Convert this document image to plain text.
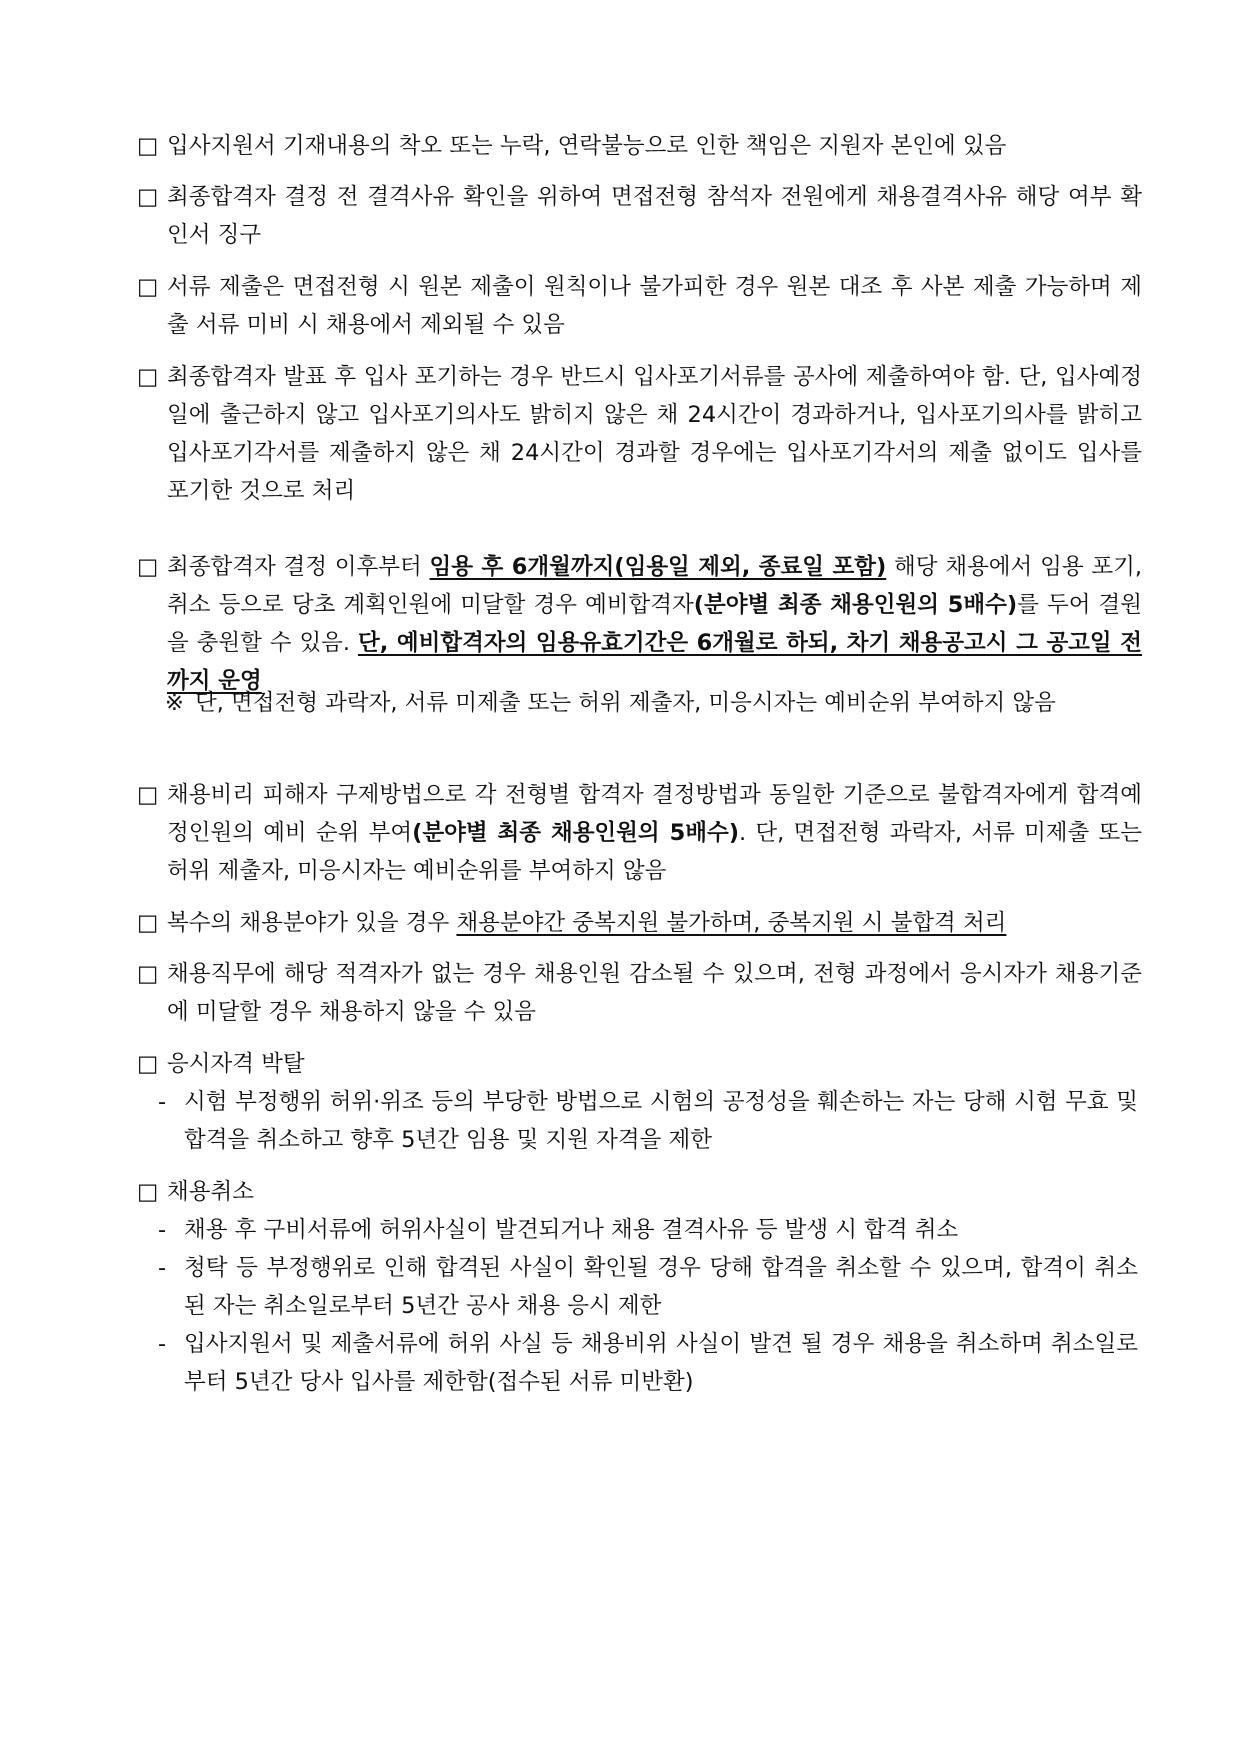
□ 입사지원서 기재내용의 착오 또는 누락, 연락불능으로 인한 책임은 지원자 본인에 있음
□ 최종합격자 결정 전 결격사유 확인을 위하여 면접전형 참석자 전원에게 채용결격사유 해당 여부 확인서 징구
□ 서류 제출은 면접전형 시 원본 제출이 원칙이나 불가피한 경우 원본 대조 후 사본 제출 가능하며 제출 서류 미비 시 채용에서 제외될 수 있음
□ 최종합격자 발표 후 입사 포기하는 경우 반드시 입사포기서류를 공사에 제출하여야 함. 단, 입사예정일에 출근하지 않고 입사포기의사도 밝히지 않은 채 24시간이 경과하거나, 입사포기의사를 밝히고 입사포기각서를 제출하지 않은 채 24시간이 경과할 경우에는 입사포기각서의 제출 없이도 입사를 포기한 것으로 처리
□ 최종합격자 결정 이후부터 임용 후 6개월까지(임용일 제외, 종료일 포함) 해당 채용에서 임용 포기, 취소 등으로 당초 계획인원에 미달할 경우 예비합격자(분야별 최종 채용인원의 5배수)를 두어 결원을 충원할 수 있음. 단, 예비합격자의 임용유효기간은 6개월로 하되, 차기 채용공고시 그 공고일 전까지 운영
※ 단, 면접전형 과락자, 서류 미제출 또는 허위 제출자, 미응시자는 예비순위 부여하지 않음
□ 채용비리 피해자 구제방법으로 각 전형별 합격자 결정방법과 동일한 기준으로 불합격자에게 합격예정인원의 예비 순위 부여(분야별 최종 채용인원의 5배수). 단, 면접전형 과락자, 서류 미제출 또는 허위 제출자, 미응시자는 예비순위를 부여하지 않음
□ 복수의 채용분야가 있을 경우 채용분야간 중복지원 불가하며, 중복지원 시 불합격 처리
□ 채용직무에 해당 적격자가 없는 경우 채용인원 감소될 수 있으며, 전형 과정에서 응시자가 채용기준에 미달할 경우 채용하지 않을 수 있음
□ 응시자격 박탈
- 시험 부정행위 허위·위조 등의 부당한 방법으로 시험의 공정성을 훼손하는 자는 당해 시험 무효 및 합격을 취소하고 향후 5년간 임용 및 지원 자격을 제한
□ 채용취소
- 채용 후 구비서류에 허위사실이 발견되거나 채용 결격사유 등 발생 시 합격 취소
- 청탁 등 부정행위로 인해 합격된 사실이 확인될 경우 당해 합격을 취소할 수 있으며, 합격이 취소된 자는 취소일로부터 5년간 공사 채용 응시 제한
- 입사지원서 및 제출서류에 허위 사실 등 채용비위 사실이 발견 될 경우 채용을 취소하며 취소일로부터 5년간 당사 입사를 제한함(접수된 서류 미반환)
